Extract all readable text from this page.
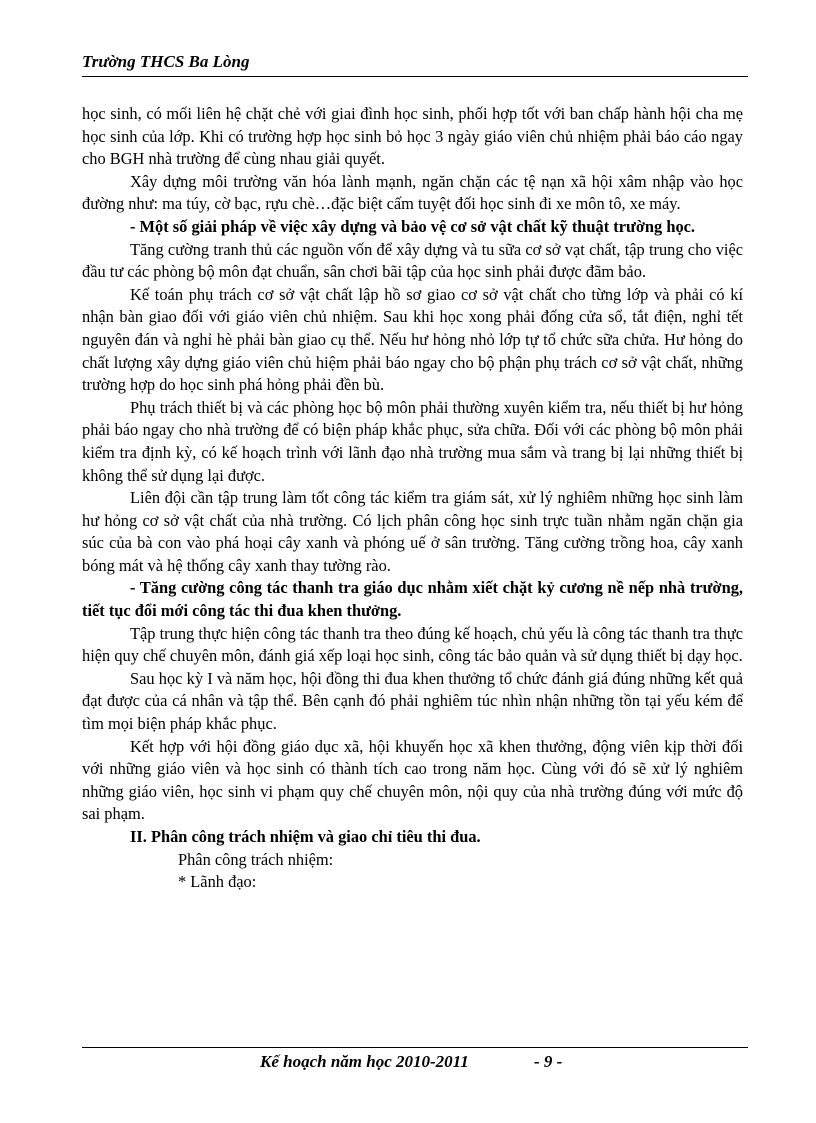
Trường THCS Ba Lòng

học sinh, có mối liên hệ chặt chẻ với giai đình học sinh, phối hợp tốt với ban chấp hành hội cha mẹ học sinh của lớp. Khi có trường hợp học sinh bỏ học 3 ngày giáo viên chủ nhiệm phải báo cáo ngay cho BGH nhà trường để cùng nhau giải quyết.

Xây dựng môi trường văn hóa lành mạnh, ngăn chặn các tệ nạn xã hội xâm nhập vào học đường như: ma túy, cờ bạc, rựu chè…đặc biệt cấm tuyệt đối học sinh đi xe môn tô, xe máy.

- Một số giải pháp về việc xây dựng và bảo vệ cơ sở vật chất kỹ thuật trường học.

Tăng cường tranh thủ các nguồn vốn để xây dựng và tu sữa cơ sở vạt chất, tập trung cho việc đầu tư các phòng bộ môn đạt chuẩn, sân chơi bãi tập của học sinh phải được đãm bảo.

Kế toán phụ trách cơ sở vật chất lập hồ sơ giao cơ sở vật chất cho từng lớp và phải có kí nhận bàn giao đối với giáo viên chủ nhiệm. Sau khi học xong phải đống cửa sổ, tắt điện, nghỉ tết nguyên đán và nghỉ hè phải bàn giao cụ thể. Nếu hư hỏng nhỏ lớp tự tổ chức sữa chửa. Hư hỏng do chất lượng xây dựng giáo viên chủ hiệm phải báo ngay cho bộ phận phụ trách cơ sở vật chất, những trường hợp do học sinh phá hỏng phải đền bù.

Phụ trách thiết bị và các phòng học bộ môn phải thường xuyên kiểm tra, nếu thiết bị hư hỏng phải báo ngay cho nhà trường để có biện pháp khắc phục, sửa chữa. Đối với các phòng bộ môn phải kiểm tra định kỳ, có kế hoạch trình với lãnh đạo nhà trường mua sắm và trang bị lại những thiết bị không thể sử dụng lại được.

Liên đội cần tập trung làm tốt công tác kiểm tra giám sát, xử lý nghiêm những học sinh làm hư hỏng cơ sở vật chất của nhà trường. Có lịch phân công học sinh trực tuần nhằm ngăn chặn gia súc của bà con vào phá hoại cây xanh và phóng uế ở sân trường. Tăng cường trồng hoa, cây xanh bóng mát và hệ thống cây xanh thay tường rào.

- Tăng cường công tác thanh tra giáo dục nhằm xiết chặt kỷ cương nề nếp nhà trường, tiết tục đổi mới công tác thi đua khen thưởng.

Tập trung thực hiện công tác thanh tra theo đúng kế hoạch, chủ yếu là công tác thanh tra thực hiện quy chế chuyên môn, đánh giá xếp loại học sinh, công tác bảo quản và sử dụng thiết bị dạy học.

Sau học kỳ I và năm học, hội đồng thi đua khen thưởng tổ chức đánh giá đúng những kết quả đạt được của cá nhân và tập thể. Bên cạnh đó phải nghiêm túc nhìn nhận những tồn tại yếu kém để tìm mọi biện pháp khắc phục.

Kết hợp với hội đồng giáo dục xã, hội khuyến học xã khen thưởng, động viên kịp thời đối với những giáo viên và học sinh có thành tích cao trong năm học. Cùng với đó sẽ xử lý nghiêm những giáo viên, học sinh vi phạm quy chế chuyên môn, nội quy của nhà trường đúng với mức độ sai phạm.

II. Phân công trách nhiệm và giao chỉ tiêu thi đua.

Phân công trách nhiệm:

* Lãnh đạo:

Kế hoạch năm học 2010-2011	- 9 -
